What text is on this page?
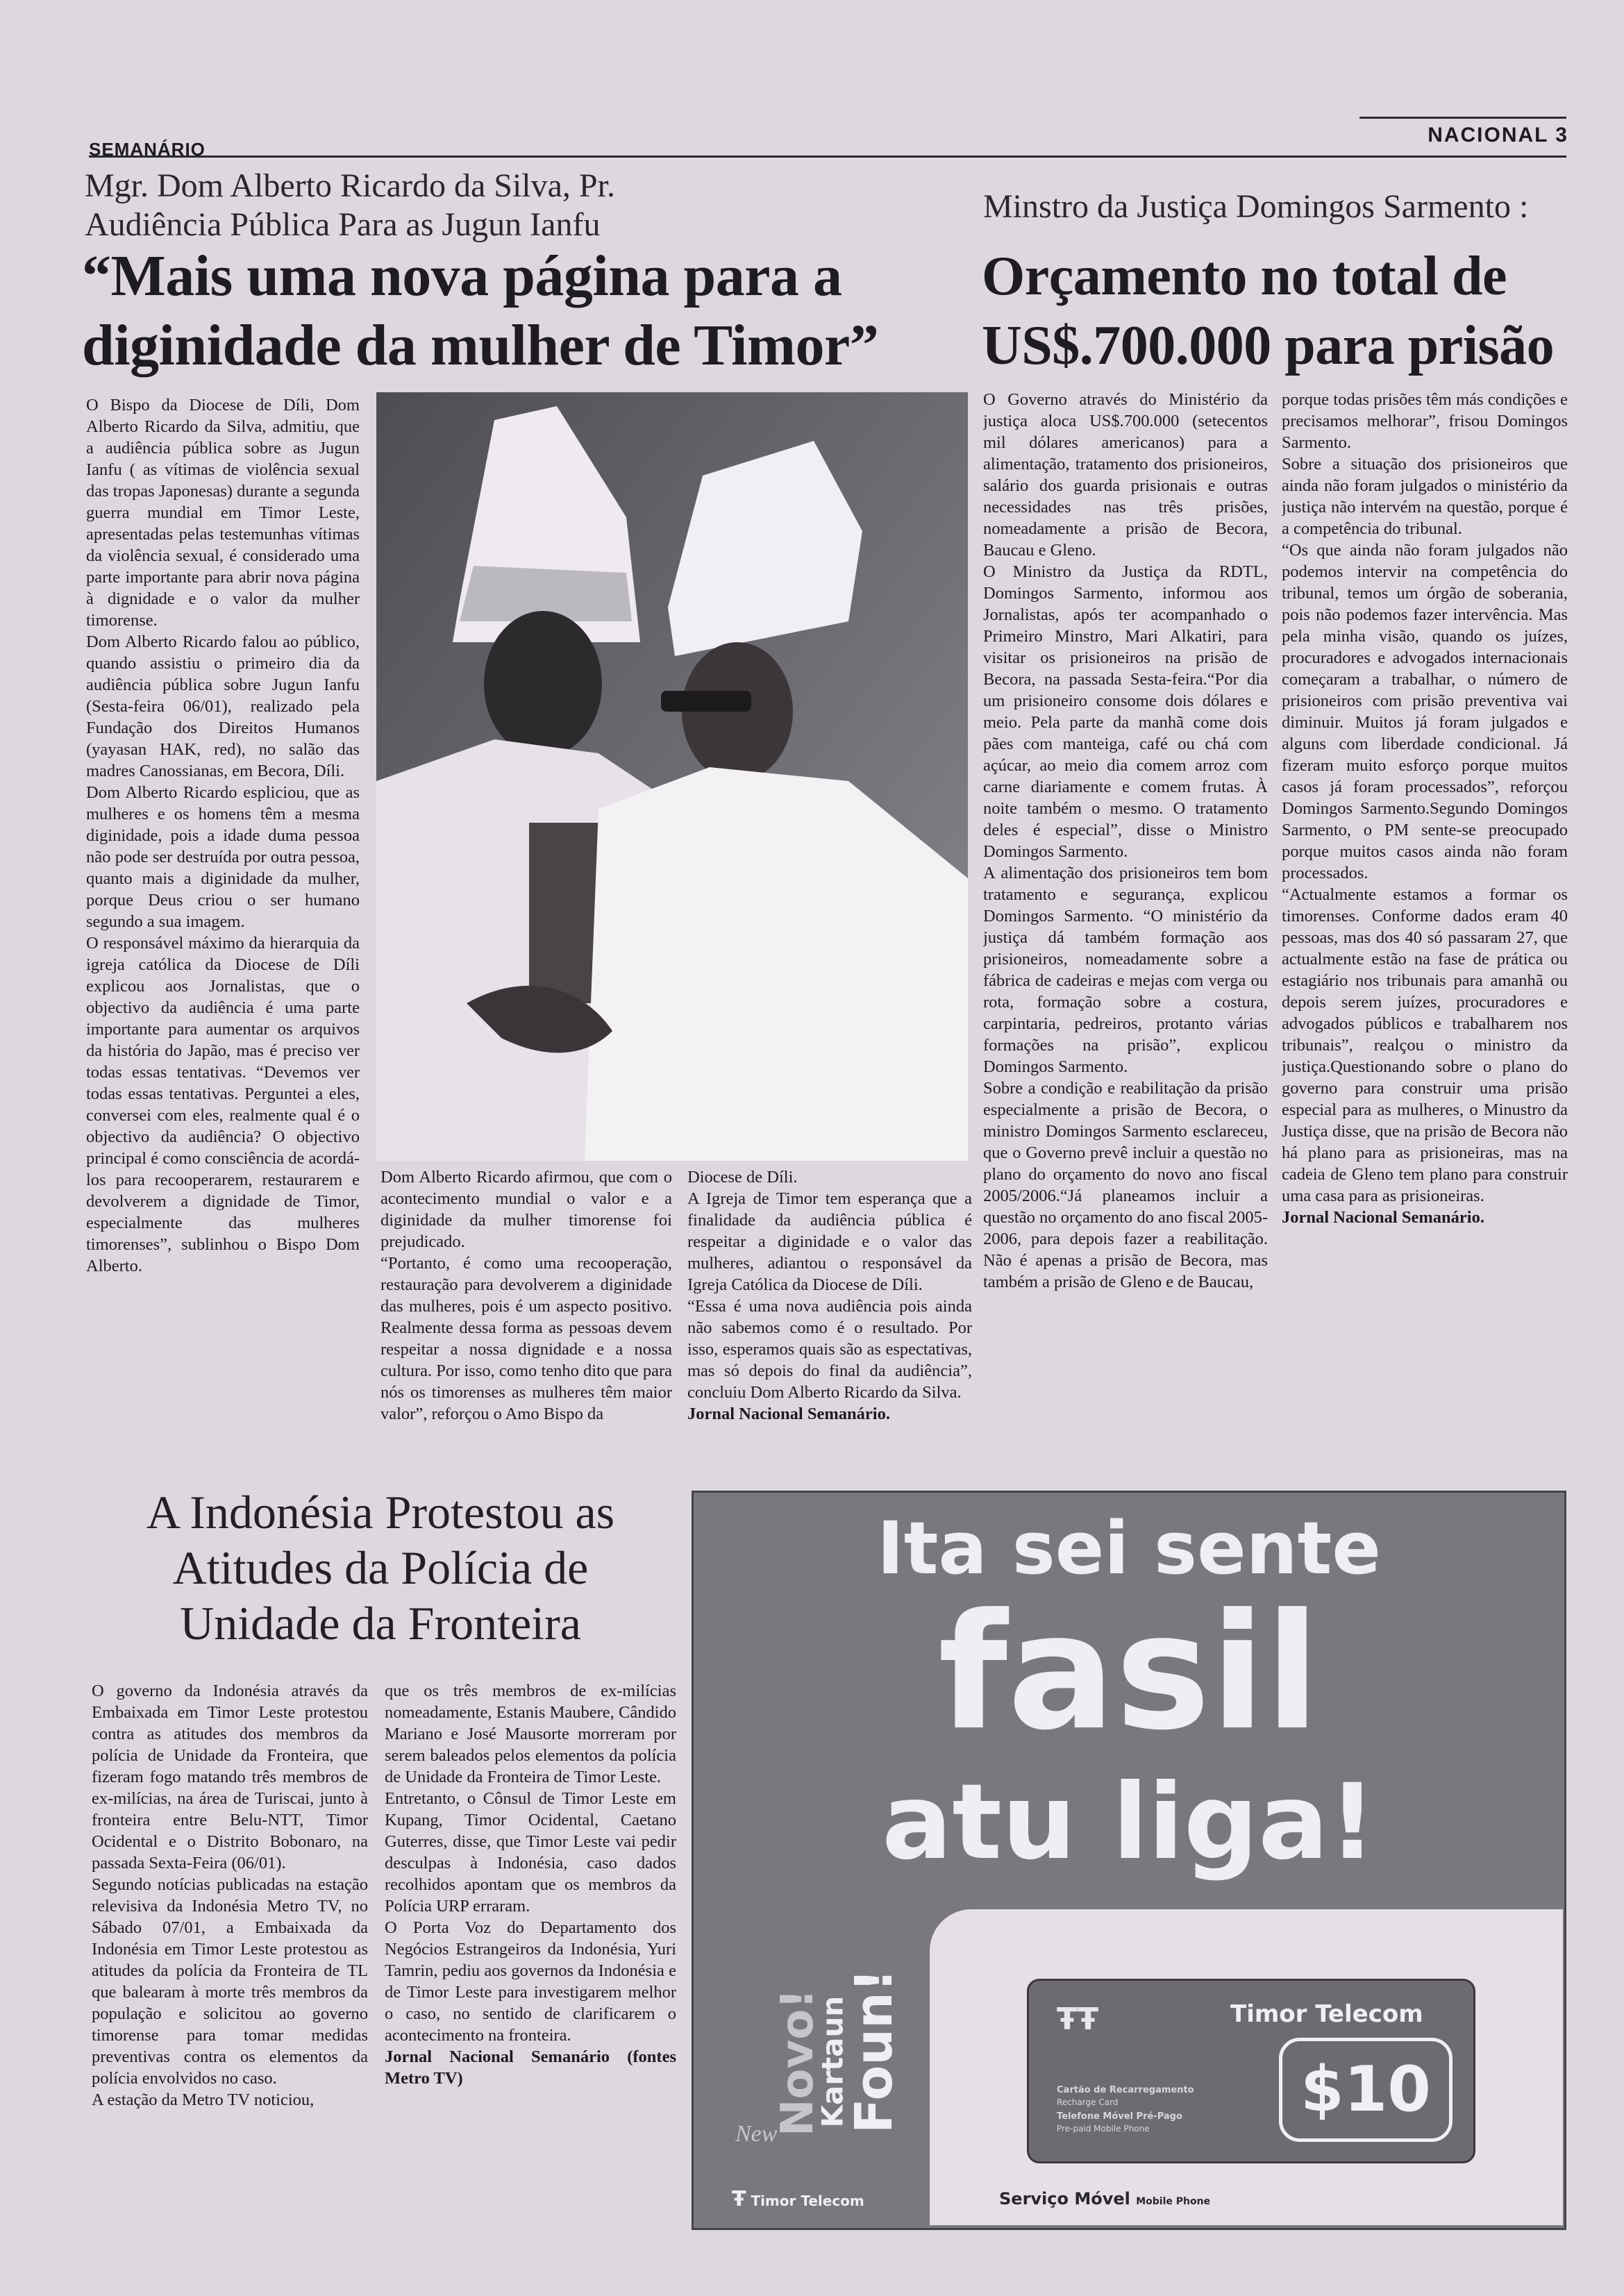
SEMANÁRIO
NACIONAL 3
Mgr. Dom Alberto Ricardo da Silva, Pr.
Audiência Pública Para as Jugun Ianfu
“Mais uma nova página para a
diginidade da mulher de Timor”

O Bispo da Diocese de Díli, Dom Alberto Ricardo da Silva, admitiu, que a audiência pública sobre as Jugun Ianfu ( as vítimas de violência sexual das tropas Japonesas) durante a segunda guerra mundial em Timor Leste, apresentadas pelas testemunhas vítimas da violência sexual, é considerado uma parte importante para abrir nova página à dignidade e o valor da mulher timorense.

Dom Alberto Ricardo falou ao público, quando assistiu o primeiro dia da audiência pública sobre Jugun Ianfu (Sesta-feira 06/01), realizado pela Fundação dos Direitos Humanos (yayasan HAK, red), no salão das madres Canossianas, em Becora, Díli.

Dom Alberto Ricardo espliciou, que as mulheres e os homens têm a mesma diginidade, pois a idade duma pessoa não pode ser destruída por outra pessoa, quanto mais a diginidade da mulher, porque Deus criou o ser humano segundo a sua imagem.

O responsável máximo da hierarquia da igreja católica da Diocese de Díli explicou aos Jornalistas, que o objectivo da audiência é uma parte importante para aumentar os arquivos da história do Japão, mas é preciso ver todas essas tentativas. “Devemos ver todas essas tentativas. Perguntei a eles, conversei com eles, realmente qual é o objectivo da audiência? O objectivo principal é como consciência de acordá-los para recooperarem, restaurarem e devolverem a dignidade de Timor, especialmente das mulheres timorenses”, sublinhou o Bispo Dom Alberto.

Dom Alberto Ricardo afirmou, que com o acontecimento mundial o valor e a diginidade da mulher timorense foi prejudicado.

“Portanto, é como uma recooperação, restauração para devolverem a diginidade das mulheres, pois é um aspecto positivo. Realmente dessa forma as pessoas devem respeitar a nossa dignidade e a nossa cultura. Por isso, como tenho dito que para nós os timorenses as mulheres têm maior valor”, reforçou o Amo Bispo da

Diocese de Díli.

A Igreja de Timor tem esperança que a finalidade da audiência pública é respeitar a diginidade e o valor das mulheres, adiantou o responsável da Igreja Católica da Diocese de Díli.

“Essa é uma nova audiência pois ainda não sabemos como é o resultado. Por isso, esperamos quais são as espectativas, mas só depois do final da audiência”, concluiu Dom Alberto Ricardo da Silva.

Jornal Nacional Semanário.

Minstro da Justiça Domingos Sarmento :
Orçamento no total de
US$.700.000 para prisão

O Governo através do Ministério da justiça aloca US$.700.000 (setecentos mil dólares americanos) para a alimentação, tratamento dos prisioneiros, salário dos guarda prisionais e outras necessidades nas três prisões, nomeadamente a prisão de Becora, Baucau e Gleno.

O Ministro da Justiça da RDTL, Domingos Sarmento, informou aos Jornalistas, após ter acompanhado o Primeiro Minstro, Mari Alkatiri, para visitar os prisioneiros na prisão de Becora, na passada Sesta-feira.“Por dia um prisioneiro consome dois dólares e meio. Pela parte da manhã come dois pães com manteiga, café ou chá com açúcar, ao meio dia comem arroz com carne diariamente e comem frutas. À noite também o mesmo. O tratamento deles é especial”, disse o Ministro Domingos Sarmento.

A alimentação dos prisioneiros tem bom tratamento e segurança, explicou Domingos Sarmento. “O ministério da justiça dá também formação aos prisioneiros, nomeadamente sobre a fábrica de cadeiras e mejas com verga ou rota, formação sobre a costura, carpintaria, pedreiros, protanto várias formações na prisão”, explicou Domingos Sarmento.

Sobre a condição e reabilitação da prisão especialmente a prisão de Becora, o ministro Domingos Sarmento esclareceu, que o Governo prevê incluir a questão no plano do orçamento do novo ano fiscal 2005/2006.“Já planeamos incluir a questão no orçamento do ano fiscal 2005-2006, para depois fazer a reabilitação. Não é apenas a prisão de Becora, mas também a prisão de Gleno e de Baucau,

porque todas prisões têm más condições e precisamos melhorar”, frisou Domingos Sarmento.

Sobre a situação dos prisioneiros que ainda não foram julgados o ministério da justiça não intervém na questão, porque é a competência do tribunal.

“Os que ainda não foram julgados não podemos intervir na competência do tribunal, temos um órgão de soberania, pois não podemos fazer intervência. Mas pela minha visão, quando os juízes, procuradores e advogados internacionais começaram a trabalhar, o número de prisioneiros com prisão preventiva vai diminuir. Muitos já foram julgados e alguns com liberdade condicional. Já fizeram muito esforço porque muitos casos já foram processados”, reforçou Domingos Sarmento.Segundo Domingos Sarmento, o PM sente-se preocupado porque muitos casos ainda não foram processados.

“Actualmente estamos a formar os timorenses. Conforme dados eram 40 pessoas, mas dos 40 só passaram 27, que actualmente estão na fase de prática ou estagiário nos tribunais para amanhã ou depois serem juízes, procuradores e advogados públicos e trabalharem nos tribunais”, realçou o ministro da justiça.Questionando sobre o plano do governo para construir uma prisão especial para as mulheres, o Minustro da Justiça disse, que na prisão de Becora não há plano para as prisioneiras, mas na cadeia de Gleno tem plano para construir uma casa para as prisioneiras.

Jornal Nacional Semanário.

A Indonésia Protestou as
Atitudes da Polícia de
Unidade da Fronteira

O governo da Indonésia através da Embaixada em Timor Leste protestou contra as atitudes dos membros da polícia de Unidade da Fronteira, que fizeram fogo matando três membros de ex-milícias, na área de Turiscai, junto à fronteira entre Belu-NTT, Timor Ocidental e o Distrito Bobonaro, na passada Sexta-Feira (06/01).

Segundo notícias publicadas na estação relevisiva da Indonésia Metro TV, no Sábado 07/01, a Embaixada da Indonésia em Timor Leste protestou as atitudes da polícia da Fronteira de TL que balearam à morte três membros da população e solicitou ao governo timorense para tomar medidas preventivas contra os elementos da polícia envolvidos no caso.

A estação da Metro TV noticiou,

que os três membros de ex-milícias nomeadamente, Estanis Maubere, Cândido Mariano e José Mausorte morreram por serem baleados pelos elementos da polícia de Unidade da Fronteira de Timor Leste.

Entretanto, o Cônsul de Timor Leste em Kupang, Timor Ocidental, Caetano Guterres, disse, que Timor Leste vai pedir desculpas à Indonésia, caso dados recolhidos apontam que os membros da Polícia URP erraram.

O Porta Voz do Departamento dos Negócios Estrangeiros da Indonésia, Yuri Tamrin, pediu aos governos da Indonésia e de Timor Leste para investigarem melhor o caso, no sentido de clarificarem o acontecimento na fronteira.

Jornal Nacional Semanário (fontes Metro TV)

Ita sei sente
fasil
atu liga!
Novo!
Kartaun
Foun!
New
ŦŦ	Timor Telecom
Cartão de Recarregamento
Recharge Card
Telefone Móvel Pré-Pago
Pre-paid Mobile Phone
$10
Ŧ Timor Telecom	Serviço Móvel Mobile Phone
